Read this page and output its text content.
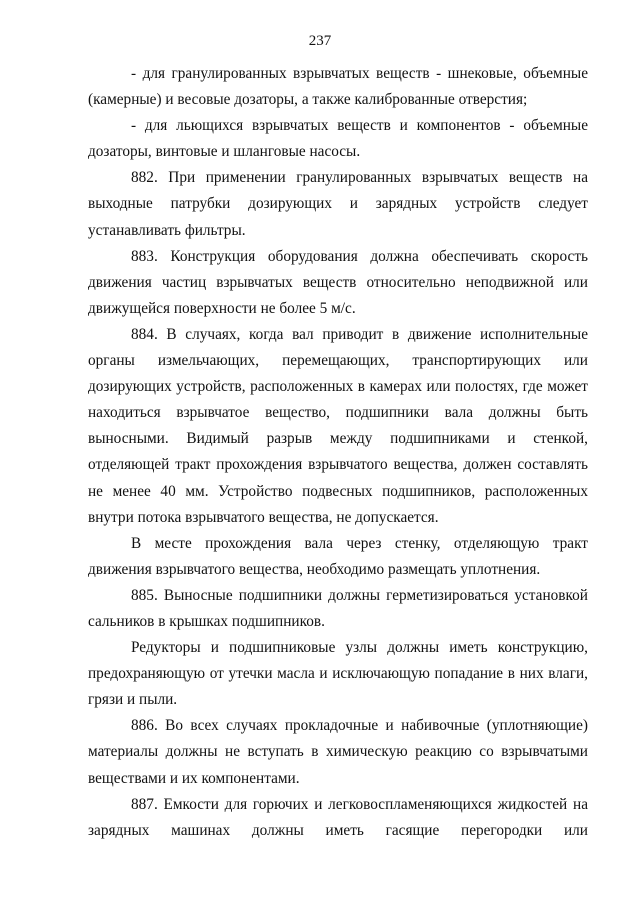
237

- для гранулированных взрывчатых веществ - шнековые, объемные (камерные) и весовые дозаторы, а также калиброванные отверстия;

- для льющихся взрывчатых веществ и компонентов - объемные дозаторы, винтовые и шланговые насосы.

882. При применении гранулированных взрывчатых веществ на выходные патрубки дозирующих и зарядных устройств следует устанавливать фильтры.

883. Конструкция оборудования должна обеспечивать скорость движения частиц взрывчатых веществ относительно неподвижной или движущейся поверхности не более 5 м/с.

884. В случаях, когда вал приводит в движение исполнительные органы измельчающих, перемещающих, транспортирующих или дозирующих устройств, расположенных в камерах или полостях, где может находиться взрывчатое вещество, подшипники вала должны быть выносными. Видимый разрыв между подшипниками и стенкой, отделяющей тракт прохождения взрывчатого вещества, должен составлять не менее 40 мм. Устройство подвесных подшипников, расположенных внутри потока взрывчатого вещества, не допускается.

В месте прохождения вала через стенку, отделяющую тракт движения взрывчатого вещества, необходимо размещать уплотнения.

885. Выносные подшипники должны герметизироваться установкой сальников в крышках подшипников.

Редукторы и подшипниковые узлы должны иметь конструкцию, предохраняющую от утечки масла и исключающую попадание в них влаги, грязи и пыли.

886. Во всех случаях прокладочные и набивочные (уплотняющие) материалы должны не вступать в химическую реакцию со взрывчатыми веществами и их компонентами.

887. Емкости для горючих и легковоспламеняющихся жидкостей на зарядных машинах должны иметь гасящие перегородки или
